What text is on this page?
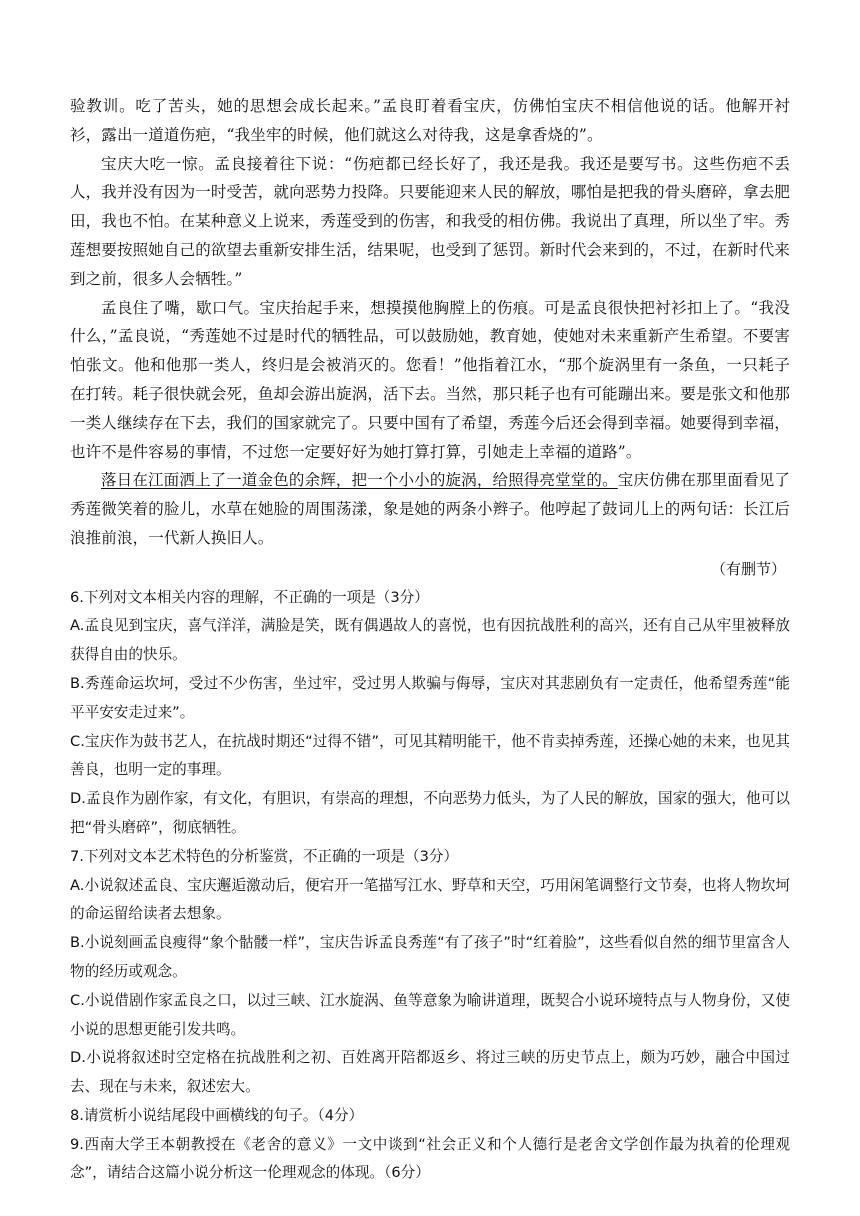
验教训。吃了苦头，她的思想会成长起来。”孟良盯着看宝庆，仿佛怕宝庆不相信他说的话。他解开衬衫，露出一道道伤疤，“我坐牢的时候，他们就这么对待我，这是拿香烧的”。

宝庆大吃一惊。孟良接着往下说：“伤疤都已经长好了，我还是我。我还是要写书。这些伤疤不丢人，我并没有因为一时受苦，就向恶势力投降。只要能迎来人民的解放，哪怕是把我的骨头磨碎，拿去肥田，我也不怕。在某种意义上说来，秀莲受到的伤害，和我受的相仿佛。我说出了真理，所以坐了牢。秀莲想要按照她自己的欲望去重新安排生活，结果呢，也受到了惩罚。新时代会来到的，不过，在新时代来到之前，很多人会牺牲。”

孟良住了嘴，歇口气。宝庆抬起手来，想摸摸他胸膛上的伤痕。可是孟良很快把衬衫扣上了。“我没什么，”孟良说，“秀莲她不过是时代的牺牲品，可以鼓励她，教育她，使她对未来重新产生希望。不要害怕张文。他和他那一类人，终归是会被消灭的。您看！”他指着江水，“那个旋涡里有一条鱼，一只耗子在打转。耗子很快就会死，鱼却会游出旋涡，活下去。当然，那只耗子也有可能蹦出来。要是张文和他那一类人继续存在下去，我们的国家就完了。只要中国有了希望，秀莲今后还会得到幸福。她要得到幸福，也许不是件容易的事情，不过您一定要好好为她打算打算，引她走上幸福的道路”。

落日在江面洒上了一道金色的余辉，把一个小小的旋涡，给照得亮堂堂的。宝庆仿佛在那里面看见了秀莲微笑着的脸儿，水草在她脸的周围荡漾，象是她的两条小辫子。他哼起了鼓词儿上的两句话：长江后浪推前浪，一代新人换旧人。

（有删节）

6.下列对文本相关内容的理解，不正确的一项是（3分）

A.孟良见到宝庆，喜气洋洋，满脸是笑，既有偶遇故人的喜悦，也有因抗战胜利的高兴，还有自己从牢里被释放获得自由的快乐。

B.秀莲命运坎坷，受过不少伤害，坐过牢，受过男人欺骗与侮辱，宝庆对其悲剧负有一定责任，他希望秀莲“能平平安安走过来”。

C.宝庆作为鼓书艺人，在抗战时期还“过得不错”，可见其精明能干，他不肯卖掉秀莲，还操心她的未来，也见其善良，也明一定的事理。

D.孟良作为剧作家，有文化，有胆识，有崇高的理想，不向恶势力低头，为了人民的解放，国家的强大，他可以把“骨头磨碎”，彻底牺牲。

7.下列对文本艺术特色的分析鉴赏，不正确的一项是（3分）

A.小说叙述孟良、宝庆邂逅激动后，便宕开一笔描写江水、野草和天空，巧用闲笔调整行文节奏，也将人物坎坷的命运留给读者去想象。

B.小说刻画孟良瘦得“象个骷髅一样”，宝庆告诉孟良秀莲“有了孩子”时“红着脸”，这些看似自然的细节里富含人物的经历或观念。

C.小说借剧作家孟良之口，以过三峡、江水旋涡、鱼等意象为喻讲道理，既契合小说环境特点与人物身份，又使小说的思想更能引发共鸣。

D.小说将叙述时空定格在抗战胜利之初、百姓离开陪都返乡、将过三峡的历史节点上，颇为巧妙，融合中国过去、现在与未来，叙述宏大。

8.请赏析小说结尾段中画横线的句子。（4分）

9.西南大学王本朝教授在《老舍的意义》一文中谈到“社会正义和个人德行是老舍文学创作最为执着的伦理观念”，请结合这篇小说分析这一伦理观念的体现。（6分）
